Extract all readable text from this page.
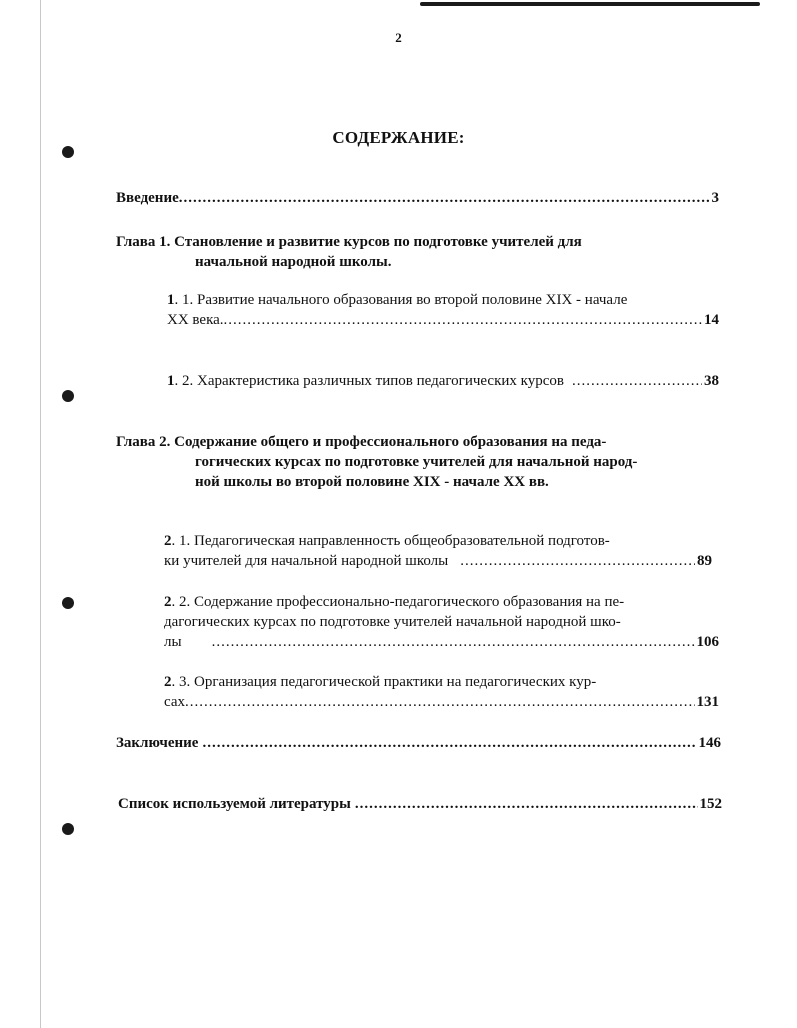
2
СОДЕРЖАНИЕ:
Введение .....	3
Глава 1. Становление и развитие курсов по подготовке учителей для
начальной народной школы.
1. 1. Развитие начального образования во второй половине XIX - начале
XX века. .....	14
1. 2. Характеристика различных типов педагогических курсов .....	38
Глава 2. Содержание общего и профессионального образования на педа-
гогических курсах по подготовке учителей для начальной народ-
ной школы во второй половине XIX - начале XX вв.
2. 1. Педагогическая направленность общеобразовательной подготов-
ки учителей для начальной народной школы .....	89
2. 2. Содержание профессионально-педагогического образования на пе-
дагогических курсах по подготовке учителей начальной народной шко-
лы .....	106
2. 3. Организация педагогической практики на педагогических кур-
сах .....	131
Заключение .....	146
Список используемой литературы .....	152
